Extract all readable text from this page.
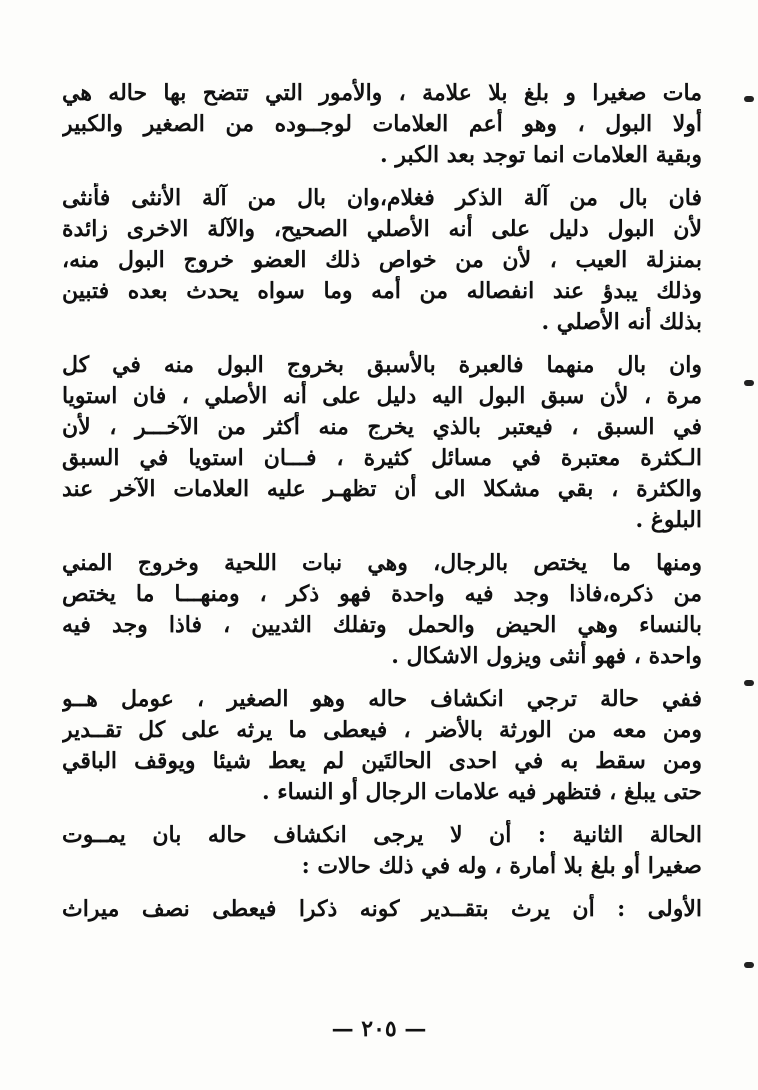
مات صغيرا و بلغ بلا علامة ، والأمور التي تتضح بها حاله هي
أولا البول ، وهو أعم العلامات لوجــوده من الصغير والكبير
وبقية العلامات انما توجد بعد الكبر .
فان بال من آلة الذكر فغلام،وان بال من آلة الأنثى فأنثى
لأن البول دليل على أنه الأصلي الصحيح، والآلة الاخرى زائدة
بمنزلة العيب ، لأن من خواص ذلك العضو خروج البول منه،
وذلك يبدؤ عند انفصاله من أمه وما سواه يحدث بعده فتبين
بذلك أنه الأصلي .
وان بال منهما فالعبرة بالأسبق بخروج البول منه في كل
مرة ، لأن سبق البول اليه دليل على أنه الأصلي ، فان استويا
في السبق ، فيعتبر بالذي يخرج منه أكثر من الآخـــر ، لأن
الـكثرة معتبرة في مسائل كثيرة ، فـــان استويا في السبق
والكثرة ، بقي مشكلا الى أن تظهـر عليه العلامات الآخر عند
البلوغ .
ومنها ما يختص بالرجال، وهي نبات اللحية وخروج المني
من ذكره،فاذا وجد فيه واحدة فهو ذكر ، ومنهـــا ما يختص
بالنساء وهي الحيض والحمل وتفلك الثديين ، فاذا وجد فيه
واحدة ، فهو أنثى ويزول الاشكال .
ففي حالة ترجي انكشاف حاله وهو الصغير ، عومل هــو
ومن معه من الورثة بالأضر ، فيعطى ما يرثه على كل تقــدير
ومن سقط به في احدى الحالتَين لم يعط شيئا ويوقف الباقي
حتى يبلغ ، فتظهر فيه علامات الرجال أو النساء .
الحالة الثانية : أن لا يرجى انكشاف حاله بان يمــوت
صغيرا أو بلغ بلا أمارة ، وله في ذلك حالات :
الأولى : أن يرث بتقــدير كونه ذكرا فيعطى نصف ميراث
— ٢٠٥ —
